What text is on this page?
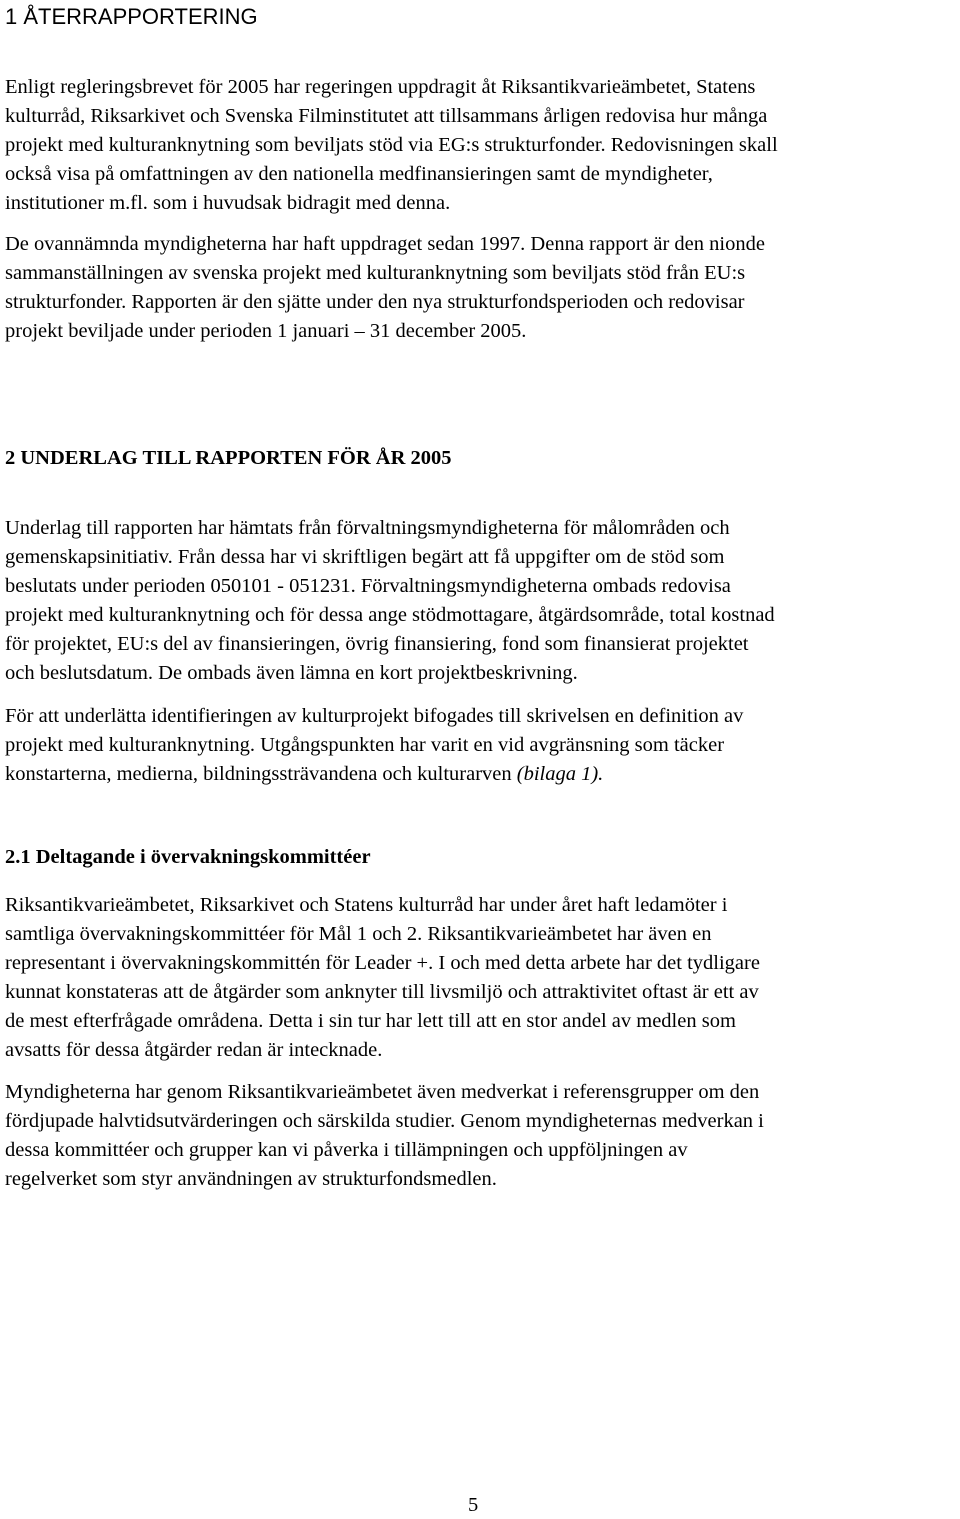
1 ÅTERRAPPORTERING
Enligt regleringsbrevet för 2005 har regeringen uppdragit åt Riksantikvarieämbetet, Statens
kulturråd, Riksarkivet och Svenska Filminstitutet att tillsammans årligen redovisa hur många
projekt med kulturanknytning som beviljats stöd via EG:s strukturfonder. Redovisningen skall
också visa på omfattningen av den nationella medfinansieringen samt de myndigheter,
institutioner m.fl. som i huvudsak bidragit med denna.
De ovannämnda myndigheterna har haft uppdraget sedan 1997. Denna rapport är den nionde
sammanställningen av svenska projekt med kulturanknytning som beviljats stöd från EU:s
strukturfonder. Rapporten är den sjätte under den nya strukturfondsperioden och redovisar
projekt beviljade under perioden 1 januari – 31 december 2005.
2 UNDERLAG TILL RAPPORTEN FÖR ÅR 2005
Underlag till rapporten har hämtats från förvaltningsmyndigheterna för målområden och
gemenskapsinitiativ. Från dessa har vi skriftligen begärt att få uppgifter om de stöd som
beslutats under perioden 050101 - 051231. Förvaltningsmyndigheterna ombads redovisa
projekt med kulturanknytning och för dessa ange stödmottagare, åtgärdsområde, total kostnad
för projektet, EU:s del av finansieringen, övrig finansiering, fond som finansierat projektet
och beslutsdatum. De ombads även lämna en kort projektbeskrivning.
För att underlätta identifieringen av kulturprojekt bifogades till skrivelsen en definition av
projekt med kulturanknytning. Utgångspunkten har varit en vid avgränsning som täcker
konstarterna, medierna, bildningssträvandena och kulturarven (bilaga 1).
2.1 Deltagande i övervakningskommittéer
Riksantikvarieämbetet, Riksarkivet och Statens kulturråd har under året haft ledamöter i
samtliga övervakningskommittéer för Mål 1 och 2. Riksantikvarieämbetet har även en
representant i övervakningskommittén för Leader +. I och med detta arbete har det tydligare
kunnat konstateras att de åtgärder som anknyter till livsmiljö och attraktivitet oftast är ett av
de mest efterfrågade områdena. Detta i sin tur har lett till att en stor andel av medlen som
avsatts för dessa åtgärder redan är intecknade.
Myndigheterna har genom Riksantikvarieämbetet även medverkat i referensgrupper om den
fördjupade halvtidsutvärderingen och särskilda studier. Genom myndigheternas medverkan i
dessa kommittéer och grupper kan vi påverka i tillämpningen och uppföljningen av
regelverket som styr användningen av strukturfondsmedlen.
5
